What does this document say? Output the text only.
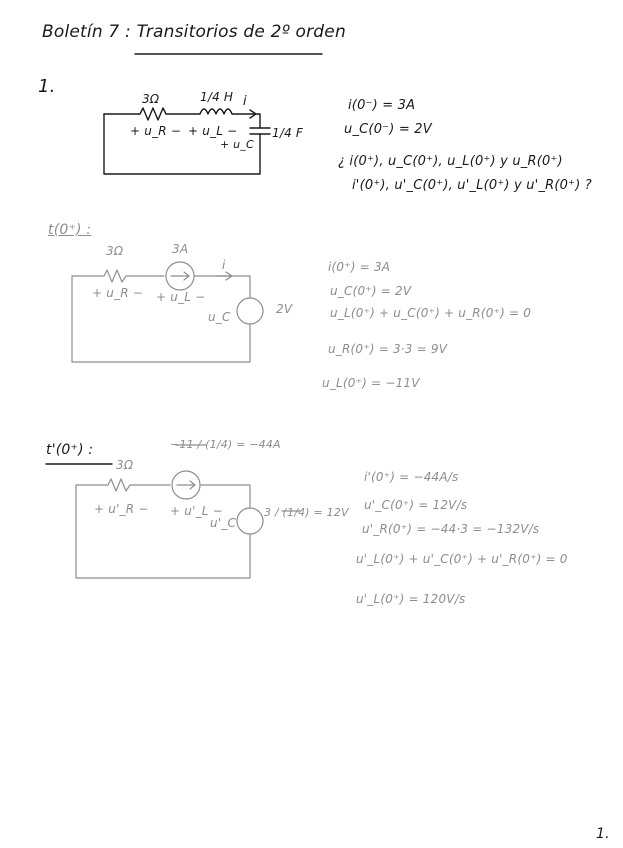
Boletín 7 : Transitorios de 2º orden
1.
3Ω	1/4 H i
+ u_R − + u_L −
+ u_C
1/4 F
i(0⁻) = 3A
u_C(0⁻) = 2V
¿ i(0⁺), u_C(0⁺), u_L(0⁺) y u_R(0⁺)
i'(0⁺), u'_C(0⁺), u'_L(0⁺) y u'_R(0⁺) ?
t(0⁺) :
3Ω	3A
i
+ u_R − + u_L −
u_C
2V
i(0⁺) = 3A
u_C(0⁺) = 2V
u_L(0⁺) + u_C(0⁺) + u_R(0⁺) = 0
u_R(0⁺) = 3·3 = 9V
u_L(0⁺) = −11V
t'(0⁺) :
3Ω
−11 / (1/4) = −44A
+ u'_R − + u'_L −
u'_C
3 / (1/4) = 12V
i'(0⁺) = −44A/s
u'_C(0⁺) = 12V/s
u'_R(0⁺) = −44·3 = −132V/s
u'_L(0⁺) + u'_C(0⁺) + u'_R(0⁺) = 0
u'_L(0⁺) = 120V/s
1.
